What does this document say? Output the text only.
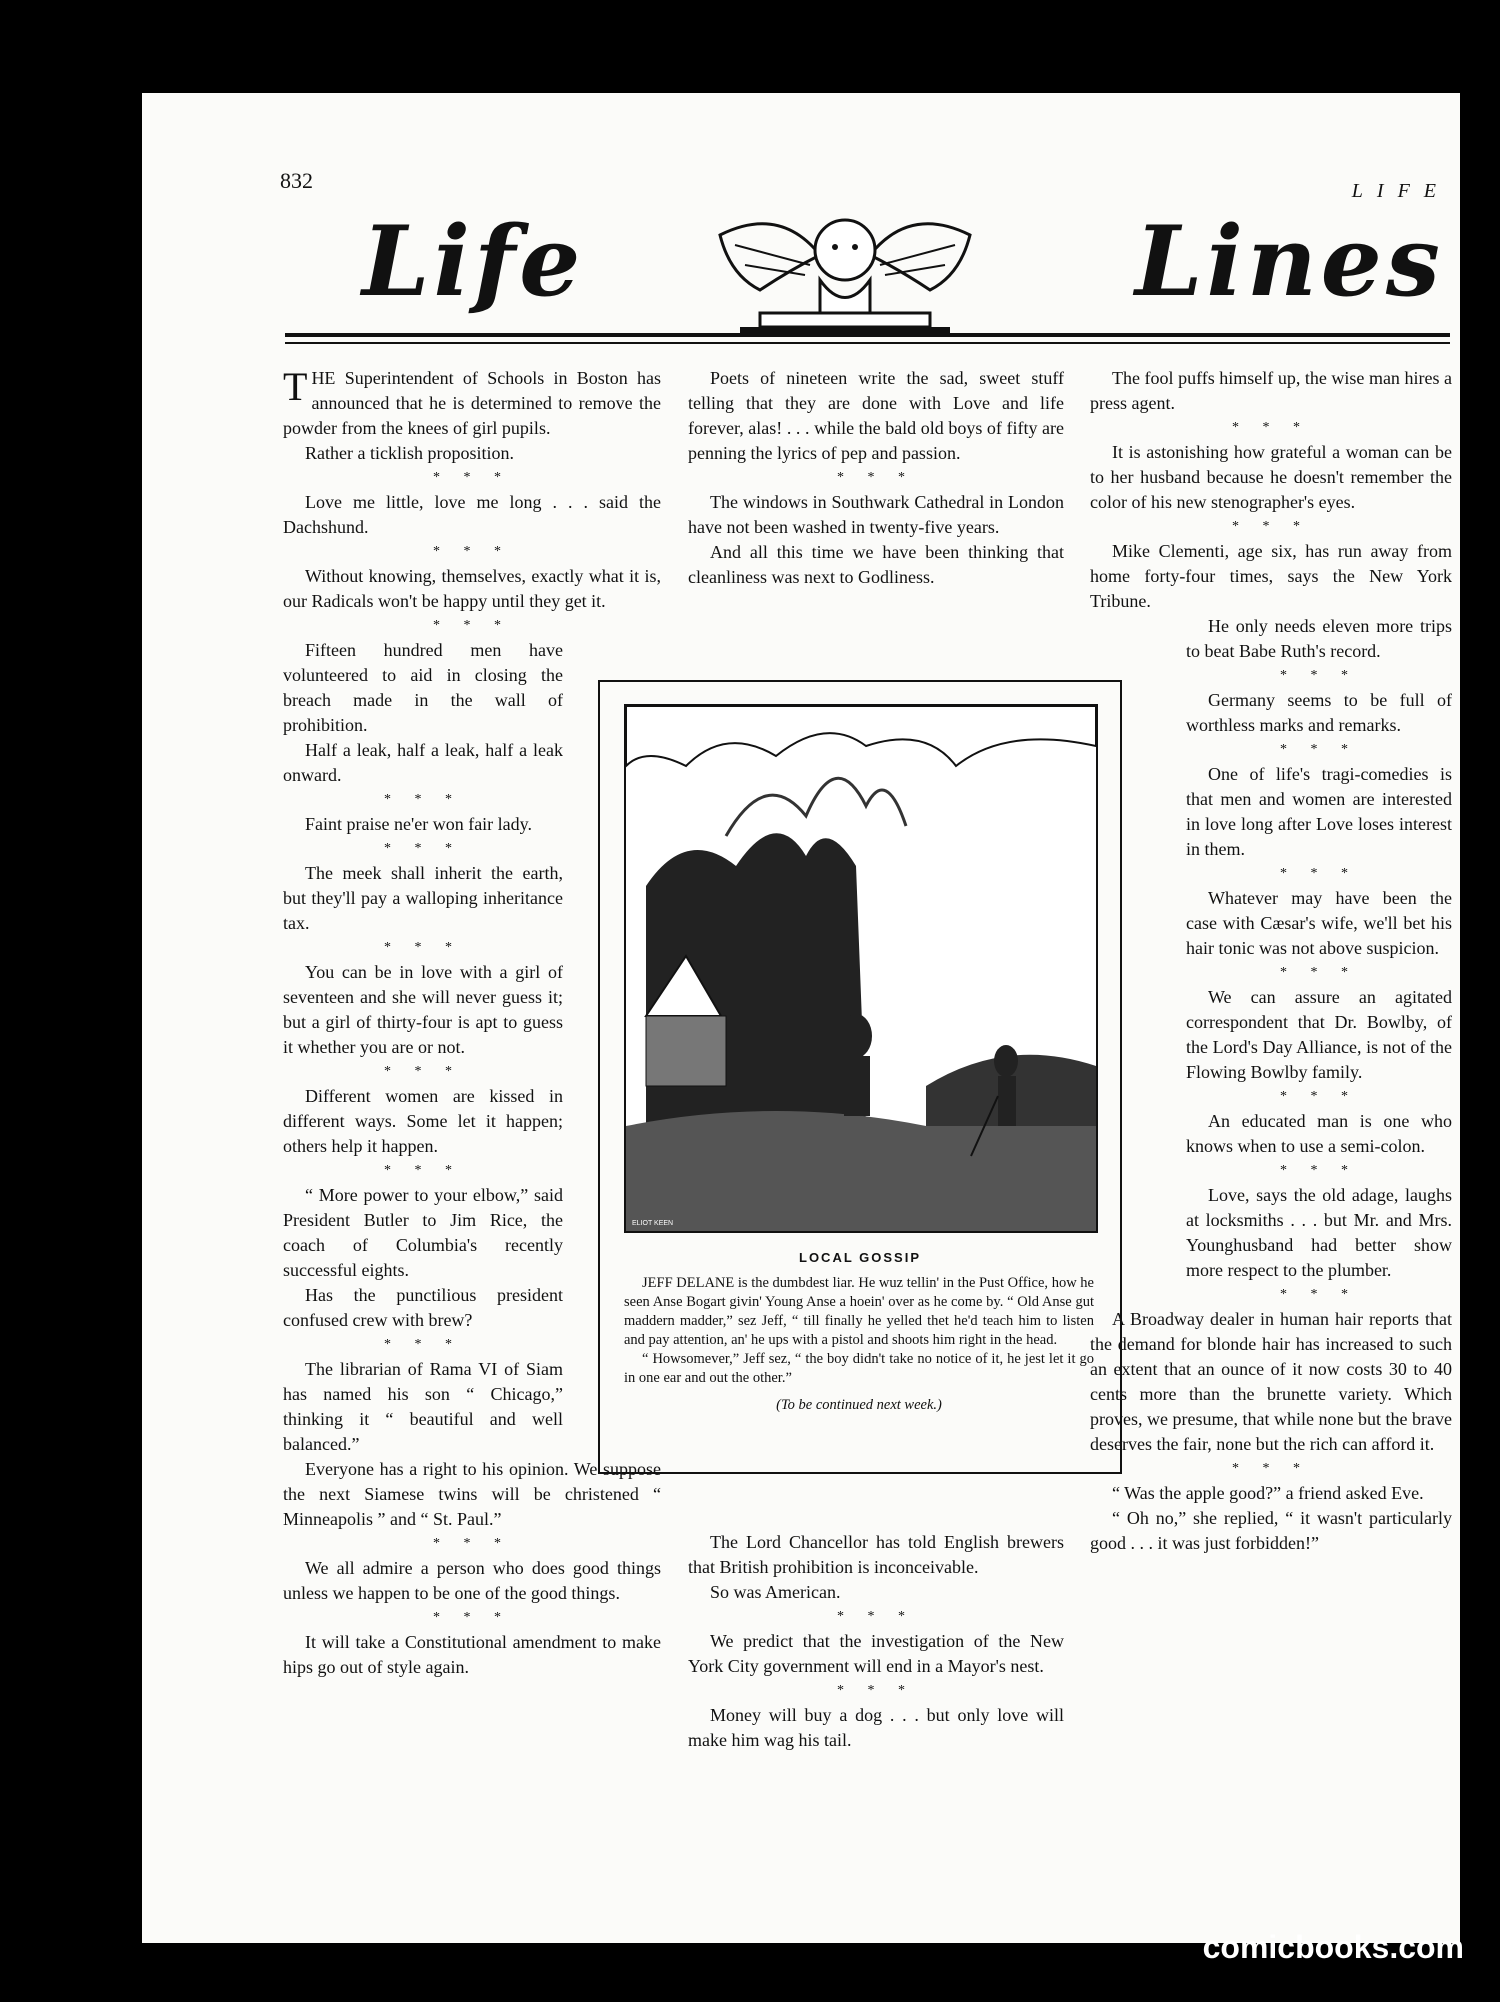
832	LIFE
Life	Lines

THE Superintendent of Schools in Boston has announced that he is determined to remove the powder from the knees of girl pupils.

Rather a ticklish proposition.

* * *

Love me little, love me long . . . said the Dachshund.

* * *

Without knowing, themselves, exactly what it is, our Radicals won't be happy until they get it.

* * *

Fifteen hundred men have volunteered to aid in closing the breach made in the wall of prohibition.

Half a leak, half a leak, half a leak onward.

* * *

Faint praise ne'er won fair lady.

* * *

The meek shall inherit the earth, but they'll pay a walloping inheritance tax.

* * *

You can be in love with a girl of seventeen and she will never guess it; but a girl of thirty-four is apt to guess it whether you are or not.

* * *

Different women are kissed in different ways. Some let it happen; others help it happen.

* * *

“ More power to your elbow,” said President Butler to Jim Rice, the coach of Columbia's recently successful eights.

Has the punctilious president confused crew with brew?

* * *

The librarian of Rama VI of Siam has named his son “ Chicago,” thinking it “ beautiful and well balanced.”

Everyone has a right to his opinion. We suppose the next Siamese twins will be christened “ Minneapolis ” and “ St. Paul.”

* * *

We all admire a person who does good things unless we happen to be one of the good things.

* * *

It will take a Constitutional amendment to make hips go out of style again.

Poets of nineteen write the sad, sweet stuff telling that they are done with Love and life forever, alas! . . . while the bald old boys of fifty are penning the lyrics of pep and passion.

* * *

The windows in Southwark Cathedral in London have not been washed in twenty-five years.

And all this time we have been thinking that cleanliness was next to Godliness.

ELIOT KEEN
LOCAL GOSSIP

JEFF DELANE is the dumbdest liar. He wuz tellin' in the Pust Office, how he seen Anse Bogart givin' Young Anse a hoein' over as he come by. “ Old Anse gut maddern madder,” sez Jeff, “ till finally he yelled thet he'd teach him to listen and pay attention, an' he ups with a pistol and shoots him right in the head.

“ Howsomever,” Jeff sez, “ the boy didn't take no notice of it, he jest let it go in one ear and out the other.”

(To be continued next week.)

The Lord Chancellor has told English brewers that British prohibition is inconceivable.

So was American.

* * *

We predict that the investigation of the New York City government will end in a Mayor's nest.

* * *

Money will buy a dog . . . but only love will make him wag his tail.

The fool puffs himself up, the wise man hires a press agent.

* * *

It is astonishing how grateful a woman can be to her husband because he doesn't remember the color of his new stenographer's eyes.

* * *

Mike Clementi, age six, has run away from home forty-four times, says the New York Tribune.

He only needs eleven more trips to beat Babe Ruth's record.

* * *

Germany seems to be full of worthless marks and remarks.

* * *

One of life's tragi-comedies is that men and women are interested in love long after Love loses interest in them.

* * *

Whatever may have been the case with Cæsar's wife, we'll bet his hair tonic was not above suspicion.

* * *

We can assure an agitated correspondent that Dr. Bowlby, of the Lord's Day Alliance, is not of the Flowing Bowlby family.

* * *

An educated man is one who knows when to use a semi-colon.

* * *

Love, says the old adage, laughs at locksmiths . . . but Mr. and Mrs. Younghusband had better show more respect to the plumber.

* * *

A Broadway dealer in human hair reports that the demand for blonde hair has increased to such an extent that an ounce of it now costs 30 to 40 cents more than the brunette variety. Which proves, we presume, that while none but the brave deserves the fair, none but the rich can afford it.

* * *

“ Was the apple good?” a friend asked Eve.

“ Oh no,” she replied, “ it wasn't particularly good . . . it was just forbidden!”

comicbooks.com
